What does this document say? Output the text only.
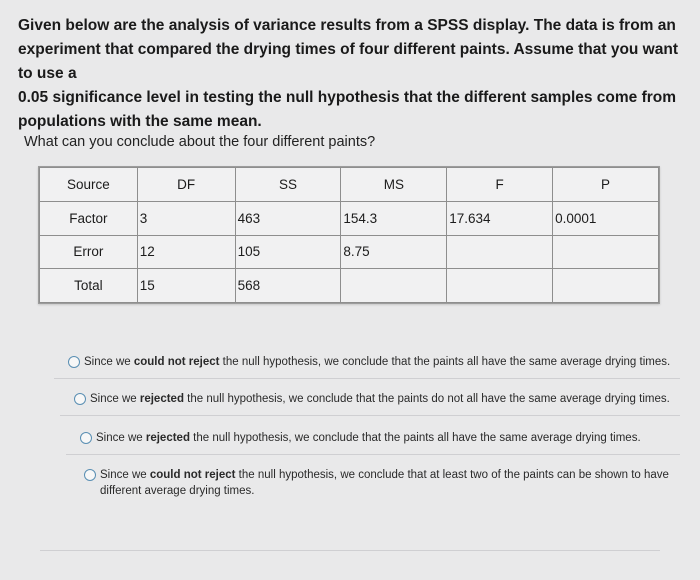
Given below are the analysis of variance results from a SPSS display. The data is from an
experiment that compared the drying times of four different paints. Assume that you want to use a
0.05 significance level in testing the null hypothesis that the different samples come from
populations with the same mean.
What can you conclude about the four different paints?
Source	DF	SS	MS	F	P
Factor	3	463	154.3	17.634	0.0001
Error	12	105	8.75		
Total	15	568			
Since we could not reject the null hypothesis, we conclude that the paints all have the same average drying times.
Since we rejected the null hypothesis, we conclude that the paints do not all have the same average drying times.
Since we rejected the null hypothesis, we conclude that the paints all have the same average drying times.
Since we could not reject the null hypothesis, we conclude that at least two of the paints can be shown to have different average drying times.
